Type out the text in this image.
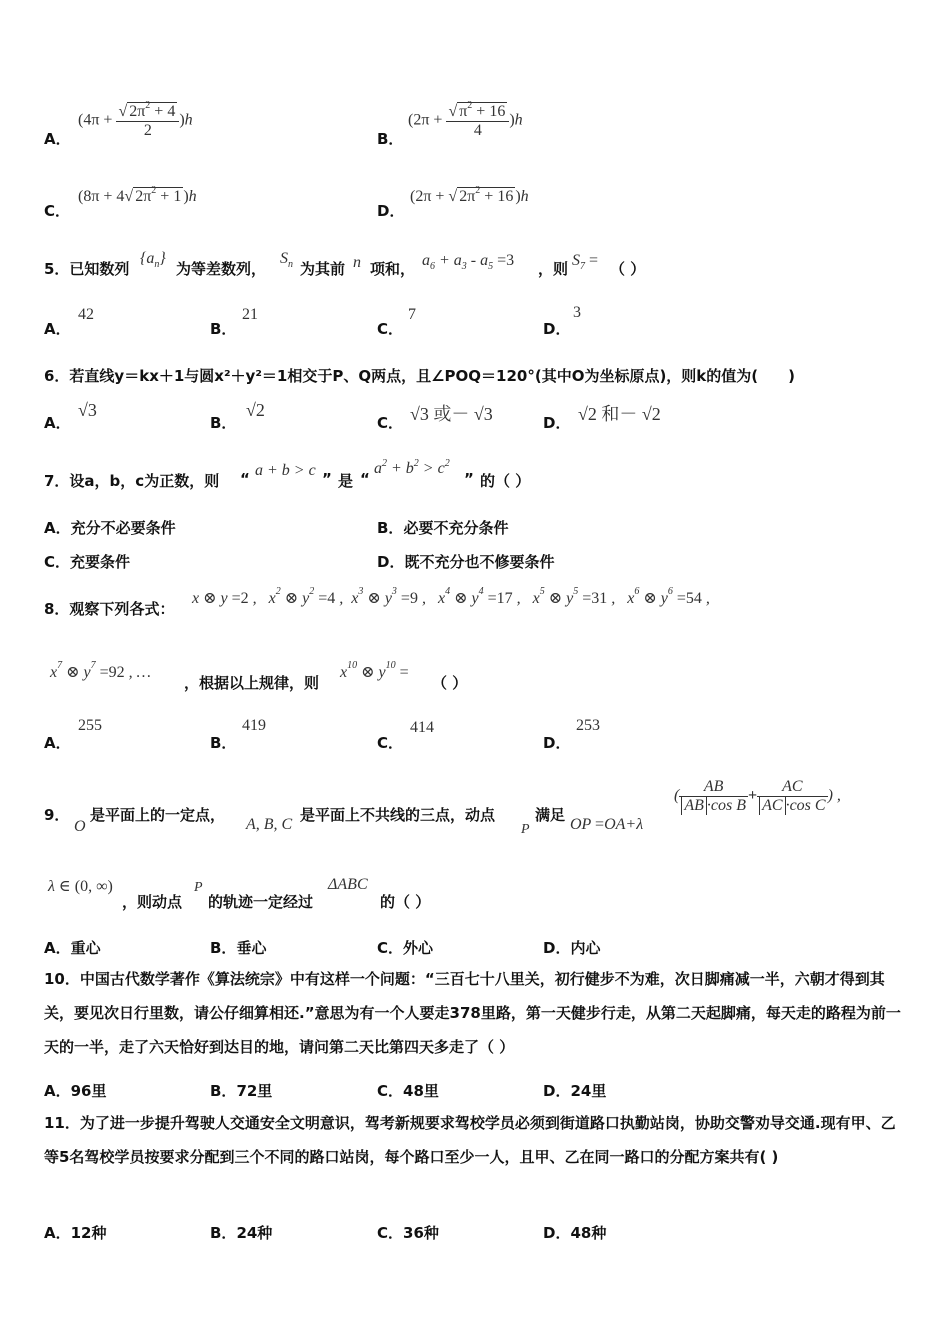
A．
$(4\pi + \frac{√ 2\pi^2 + 4}{2} )h$
B．
$(2\pi + \frac{√ \pi^2 + 16}{4} )h$
C．
(8π + 4√ $2\pi^2 + 1$ )h
D．
(2π + √ $2\pi^2 + 16$ )h
5．已知数列
$\{a_n\}$
为等差数列，
$S_n$ 为其前 n 项和， $a_6 + a_3 - a_5 =3$ ，则 $S_7$ = （ ）
A．
42
B．
21
C．
7
D．
3
6．若直线y＝kx＋1与圆x²＋y²＝1相交于P、Q两点，且∠POQ＝120°(其中O为坐标原点)，则k的值为(　　)
A．
√3
B．
√2
C． √3 或－ √3	D． √2 和－ √2
7．设a，b，c为正数，则 “ a + b > c ” 是 “
$a^2 + b^2 > c^2$
” 的（ ）
A．充分不必要条件	B．必要不充分条件
C．充要条件	D．既不充分也不修要条件
8．观察下列各式：
x ⊗ y =2 ,   $x^2$ ⊗ $y^2 =4$ ,  $x^3$ ⊗ $y^3 =9$ ,   $x^4$ ⊗ $y^4 =17$ ,   $x^5$ ⊗ $y^5 =31$ ,   $x^6$ ⊗ $y^6 =54$ ,
$x^7$ ⊗ $y^7 =92$ , …
，根据以上规律，则
$x^{10}$ ⊗ $y^{10}$ =
（ ）
A．
255
B．
419
C．
414
D．
253
9．
O
是平面上的一定点，
A, B, C
是平面上不共线的三点，动点
P
满足
OP =OA+λ
( $\frac{AB}{\text{AB ·cos B}} + \frac{AC}{\text{AC ·cos C}}$ ) ,
λ ∈ (0, ∞)
，则动点
P
的轨迹一定经过
ΔABC
的（ ）
A．重心	B．垂心	C．外心	D．内心
10．中国古代数学著作《算法统宗》中有这样一个问题：“三百七十八里关，初行健步不为难，次日脚痛减一半，六朝才得到其关，要见次日行里数，请公仔细算相还.”意思为有一个人要走378里路，第一天健步行走，从第二天起脚痛，每天走的路程为前一天的一半，走了六天恰好到达目的地，请问第二天比第四天多走了（ ）
A．96里	B．72里	C．48里	D．24里
11．为了进一步提升驾驶人交通安全文明意识，驾考新规要求驾校学员必须到街道路口执勤站岗，协助交警劝导交通.现有甲、乙等5名驾校学员按要求分配到三个不同的路口站岗，每个路口至少一人，且甲、乙在同一路口的分配方案共有( )
A．12种	B．24种	C．36种	D．48种
